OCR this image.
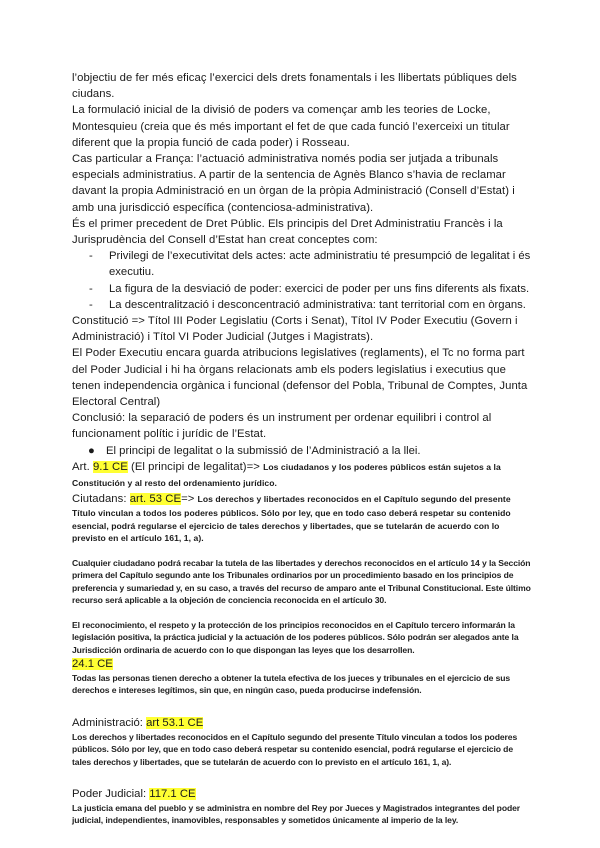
l’objectiu de fer més eficaç l’exercici dels drets fonamentals i les llibertats públiques dels ciudans.

La formulació inicial de la divisió de poders va començar amb les teories de Locke, Montesquieu (creia que és més important el fet de que cada funció l’exerceixi un titular diferent que la propia funció de cada poder) i Rosseau.

Cas particular a França: l’actuació administrativa només podia ser jutjada a tribunals especials administratius. A partir de la sentencia de Agnès Blanco s’havia de reclamar davant la propia Administració en un òrgan de la pròpia Administració (Consell d’Estat) i amb una jurisdicció específica (contenciosa-administrativa).

És el primer precedent de Dret Públic. Els principis del Dret Administratiu Francès i la Jurisprudència del Consell d’Estat han creat conceptes com:

- Privilegi de l’executivitat dels actes: acte administratiu té presumpció de legalitat i és executiu.
- La figura de la desviació de poder: exercici de poder per uns fins diferents als fixats.
- La descentralització i desconcentració administrativa: tant territorial com en òrgans.

Constitució => Títol III Poder Legislatiu (Corts i Senat), Títol IV Poder Executiu (Govern i Administració) i Títol VI Poder Judicial (Jutges i Magistrats).

El Poder Executiu encara guarda atribucions legislatives (reglaments), el Tc no forma part del Poder Judicial i hi ha òrgans relacionats amb els poders legislatius i executius que tenen independencia orgànica i funcional (defensor del Pobla, Tribunal de Comptes, Junta Electoral Central)

Conclusió: la separació de poders és un instrument per ordenar equilibri i control al funcionament polític i jurídic de l’Estat.

● El principi de legalitat o la submissió de l’Administració a la llei.

Art. 9.1 CE (El principi de legalitat)=> Los ciudadanos y los poderes públicos están sujetos a la Constitución y al resto del ordenamiento jurídico.

Ciutadans: art. 53 CE=> Los derechos y libertades reconocidos en el Capítulo segundo del presente Título vinculan a todos los poderes públicos. Sólo por ley, que en todo caso deberá respetar su contenido esencial, podrá regularse el ejercicio de tales derechos y libertades, que se tutelarán de acuerdo con lo previsto en el artículo 161, 1, a).

Cualquier ciudadano podrá recabar la tutela de las libertades y derechos reconocidos en el artículo 14 y la Sección primera del Capítulo segundo ante los Tribunales ordinarios por un procedimiento basado en los principios de preferencia y sumariedad y, en su caso, a través del recurso de amparo ante el Tribunal Constitucional. Este último recurso será aplicable a la objeción de conciencia reconocida en el artículo 30.

El reconocimiento, el respeto y la protección de los principios reconocidos en el Capítulo tercero informarán la legislación positiva, la práctica judicial y la actuación de los poderes públicos. Sólo podrán ser alegados ante la Jurisdicción ordinaria de acuerdo con lo que dispongan las leyes que los desarrollen.

24.1 CE

Todas las personas tienen derecho a obtener la tutela efectiva de los jueces y tribunales en el ejercicio de sus derechos e intereses legítimos, sin que, en ningún caso, pueda producirse indefensión.

Administració: art 53.1 CE

Los derechos y libertades reconocidos en el Capítulo segundo del presente Título vinculan a todos los poderes públicos. Sólo por ley, que en todo caso deberá respetar su contenido esencial, podrá regularse el ejercicio de tales derechos y libertades, que se tutelarán de acuerdo con lo previsto en el artículo 161, 1, a).

Poder Judicial: 117.1 CE

La justicia emana del pueblo y se administra en nombre del Rey por Jueces y Magistrados integrantes del poder judicial, independientes, inamovibles, responsables y sometidos únicamente al imperio de la ley.
